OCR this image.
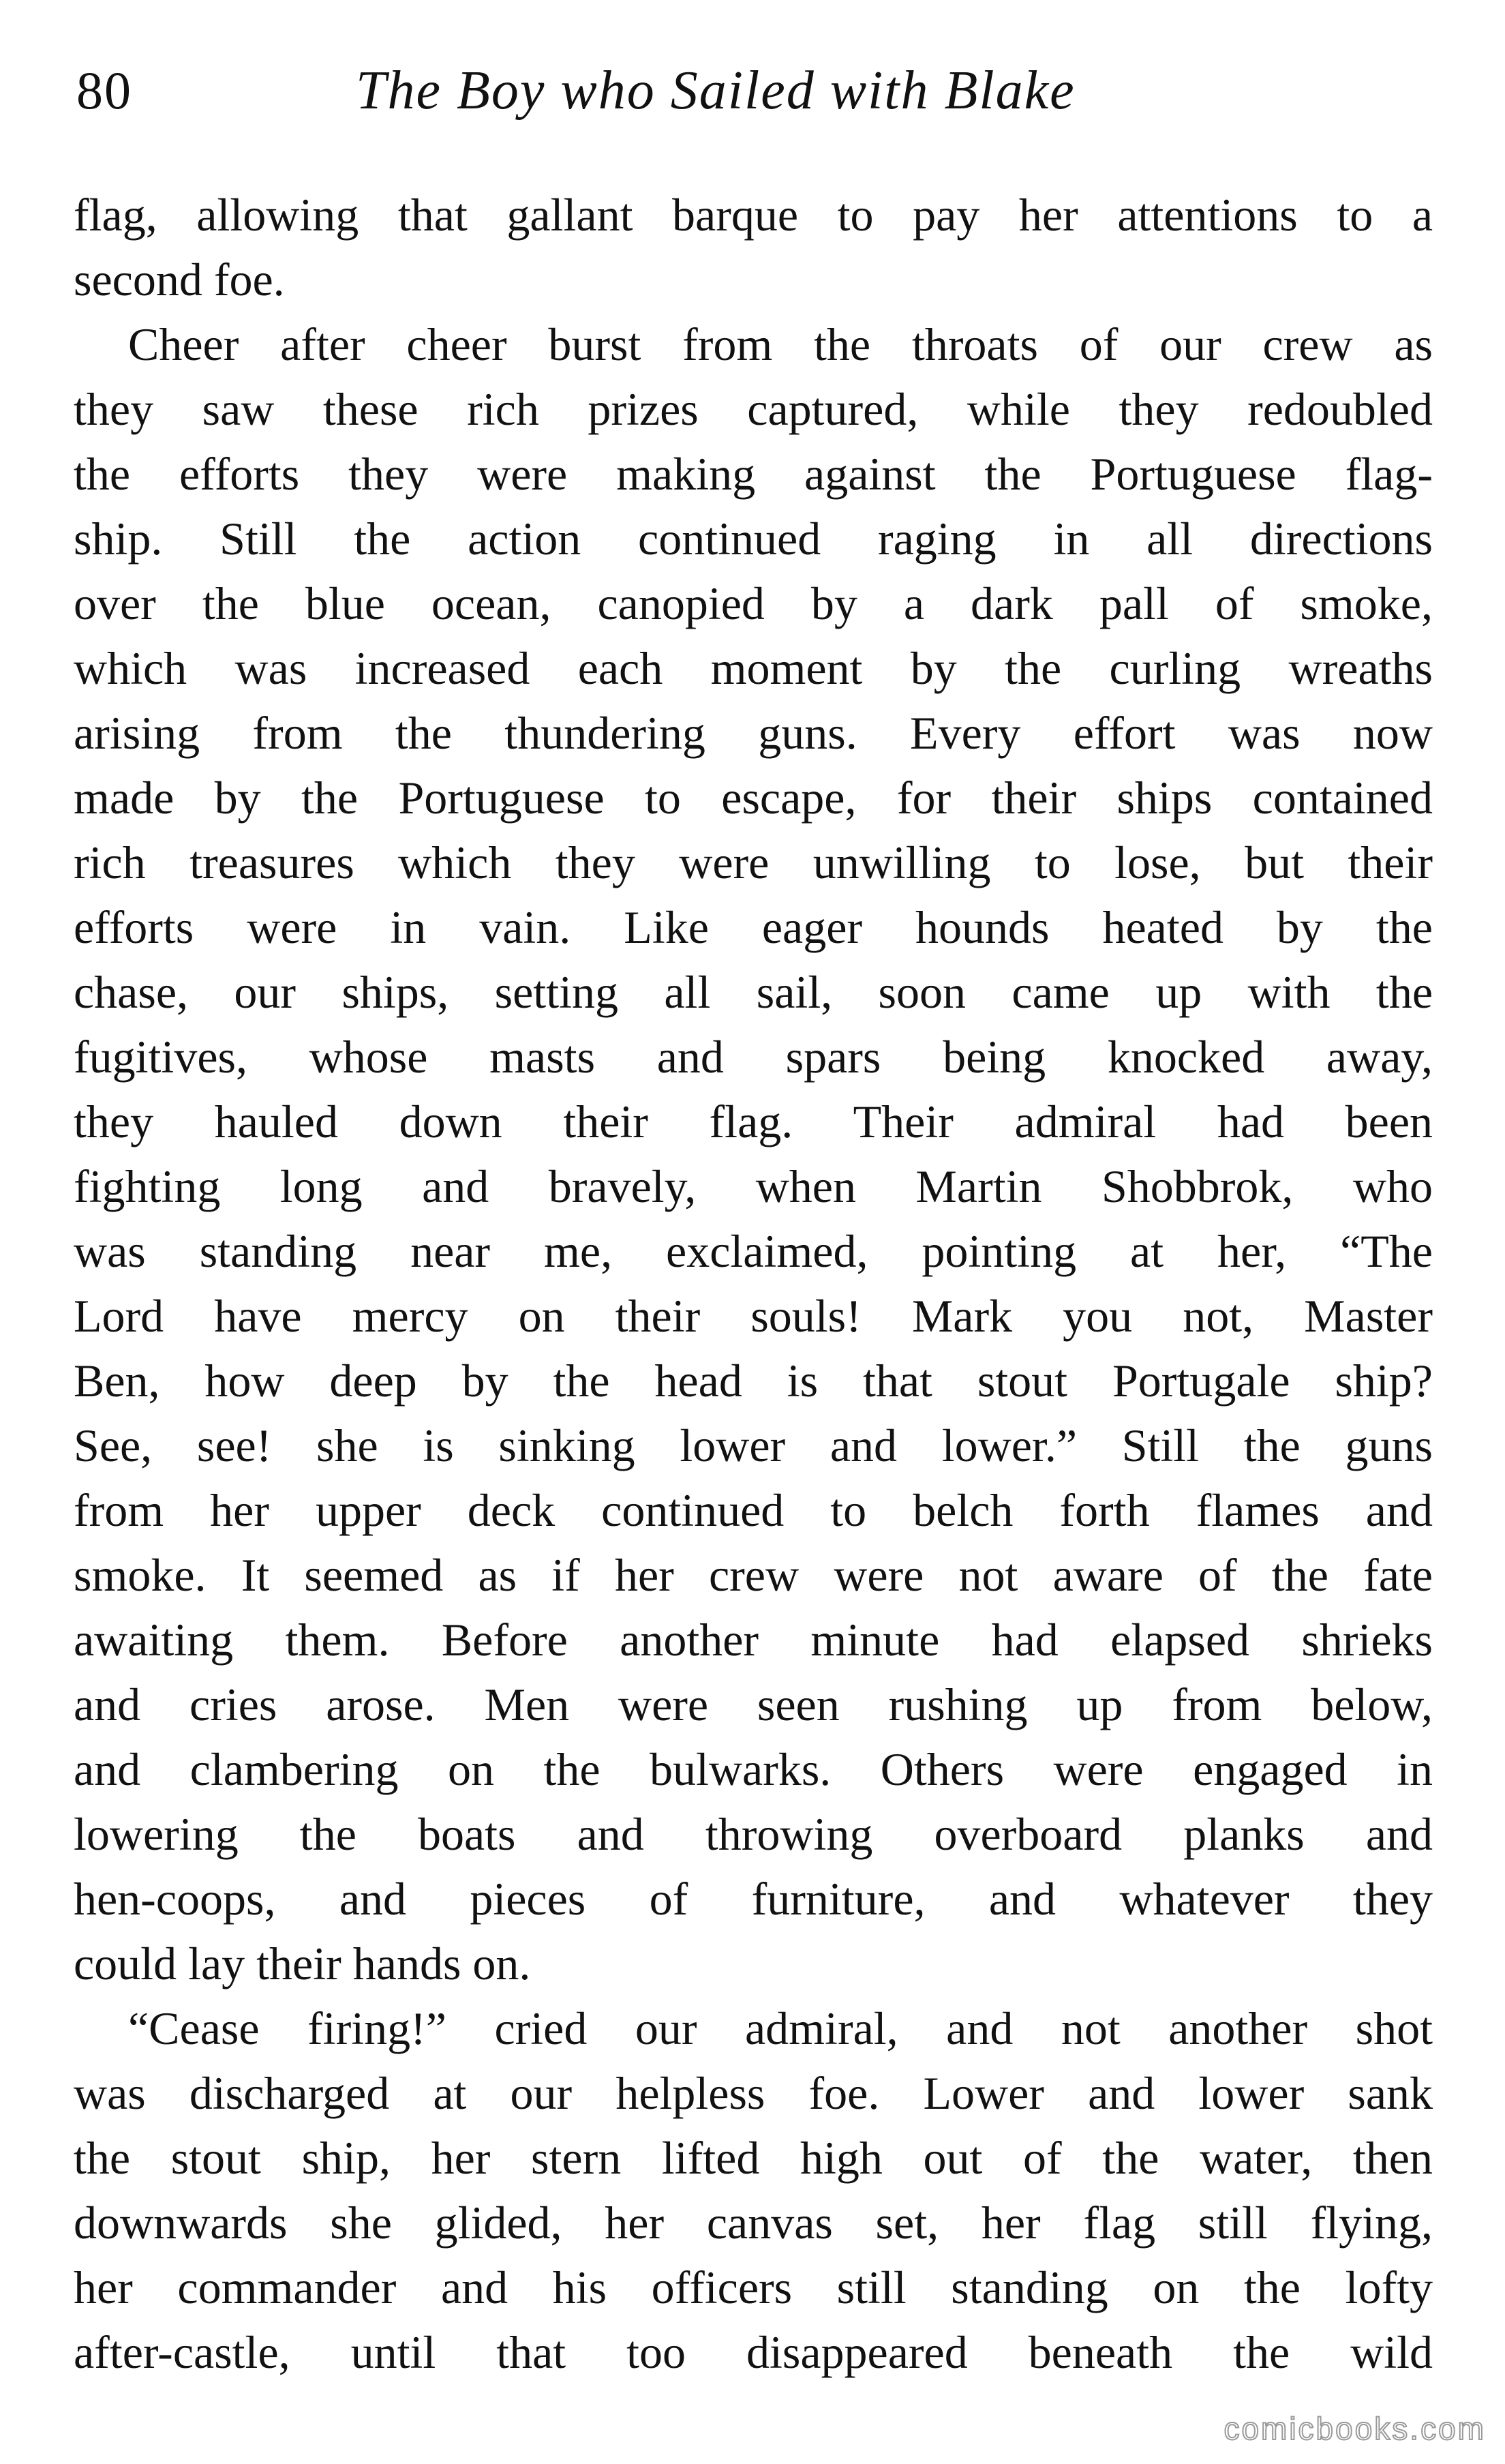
80	The Boy who Sailed with Blake
flag, allowing that gallant barque to pay her attentions to a
second foe.
Cheer after cheer burst from the throats of our crew as
they saw these rich prizes captured, while they redoubled
the efforts they were making against the Portuguese flag-
ship. Still the action continued raging in all directions
over the blue ocean, canopied by a dark pall of smoke,
which was increased each moment by the curling wreaths
arising from the thundering guns. Every effort was now
made by the Portuguese to escape, for their ships contained
rich treasures which they were unwilling to lose, but their
efforts were in vain. Like eager hounds heated by the
chase, our ships, setting all sail, soon came up with the
fugitives, whose masts and spars being knocked away,
they hauled down their flag. Their admiral had been
fighting long and bravely, when Martin Shobbrok, who
was standing near me, exclaimed, pointing at her, “The
Lord have mercy on their souls! Mark you not, Master
Ben, how deep by the head is that stout Portugale ship?
See, see! she is sinking lower and lower.” Still the guns
from her upper deck continued to belch forth flames and
smoke. It seemed as if her crew were not aware of the fate
awaiting them. Before another minute had elapsed shrieks
and cries arose. Men were seen rushing up from below,
and clambering on the bulwarks. Others were engaged in
lowering the boats and throwing overboard planks and
hen-coops, and pieces of furniture, and whatever they
could lay their hands on.
“Cease firing!” cried our admiral, and not another shot
was discharged at our helpless foe. Lower and lower sank
the stout ship, her stern lifted high out of the water, then
downwards she glided, her canvas set, her flag still flying,
her commander and his officers still standing on the lofty
after-castle, until that too disappeared beneath the wild
comicbooks.com
